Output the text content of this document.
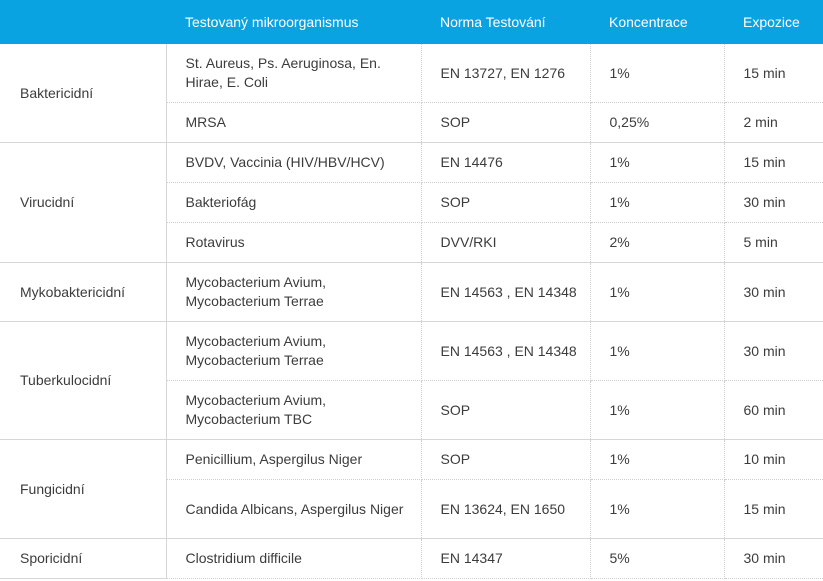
	Testovaný mikroorganismus	Norma Testování	Koncentrace	Expozice
Baktericidní	St. Aureus, Ps. Aeruginosa, En. Hirae, E. Coli	EN 13727, EN 1276	1%	15 min
	MRSA	SOP	0,25%	2 min
Virucidní	BVDV, Vaccinia (HIV/HBV/HCV)	EN 14476	1%	15 min
	Bakteriofág	SOP	1%	30 min
	Rotavirus	DVV/RKI	2%	5 min
Mykobaktericidní	Mycobacterium Avium, Mycobacterium Terrae	EN 14563 , EN 14348	1%	30 min
Tuberkulocidní	Mycobacterium Avium, Mycobacterium Terrae	EN 14563 , EN 14348	1%	30 min
	Mycobacterium Avium, Mycobacterium TBC	SOP	1%	60 min
Fungicidní	Penicillium, Aspergilus Niger	SOP	1%	10 min
	Candida Albicans, Aspergilus Niger	EN 13624, EN 1650	1%	15 min
Sporicidní	Clostridium difficile	EN 14347	5%	30 min
